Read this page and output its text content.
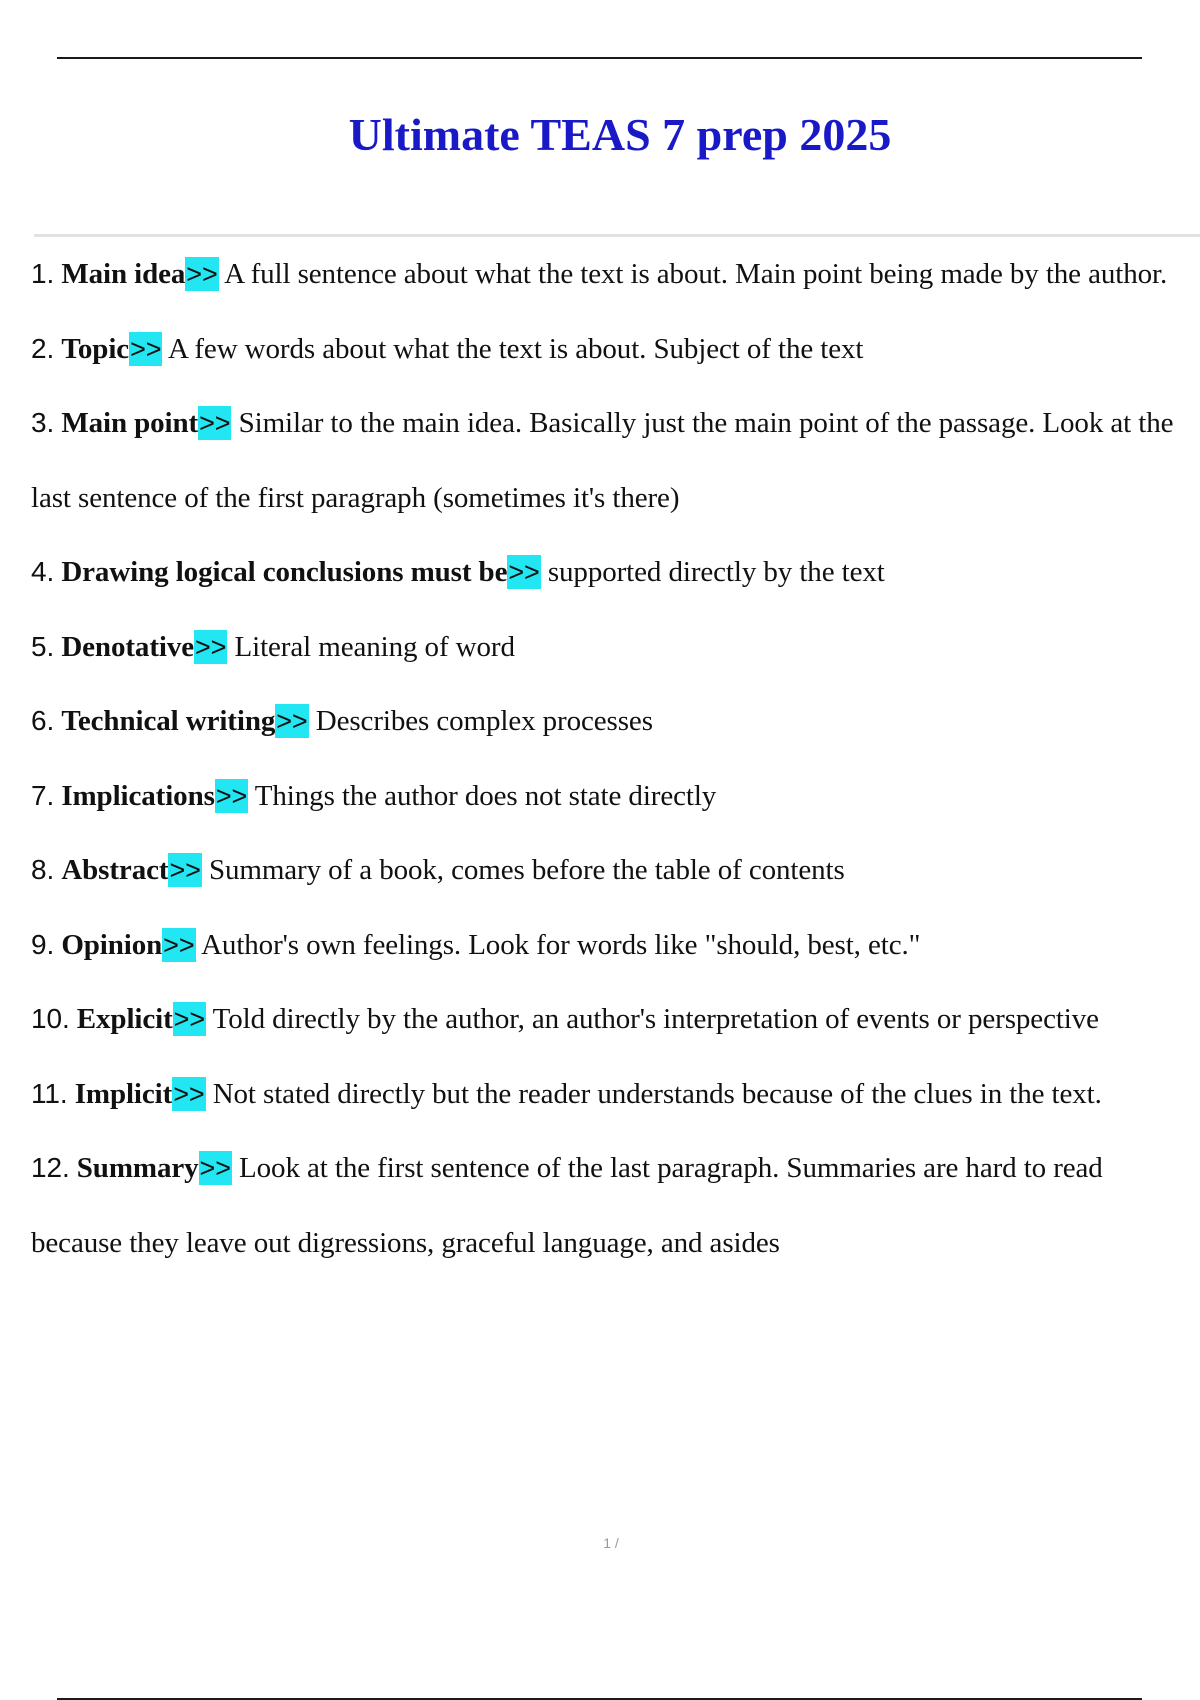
Ultimate TEAS 7 prep 2025
1. Main idea>> A full sentence about what the text is about. Main point being made by the author.
2. Topic>> A few words about what the text is about. Subject of the text
3. Main point>> Similar to the main idea. Basically just the main point of the passage. Look at the last sentence of the first paragraph (sometimes it's there)
4. Drawing logical conclusions must be>> supported directly by the text
5. Denotative>> Literal meaning of word
6. Technical writing>> Describes complex processes
7. Implications>> Things the author does not state directly
8. Abstract>> Summary of a book, comes before the table of contents
9. Opinion>> Author's own feelings. Look for words like "should, best, etc."
10. Explicit>> Told directly by the author, an author's interpretation of events or perspective
11. Implicit>> Not stated directly but the reader understands because of the clues in the text.
12. Summary>> Look at the first sentence of the last paragraph. Summaries are hard to read because they leave out digressions, graceful language, and asides
1 /
